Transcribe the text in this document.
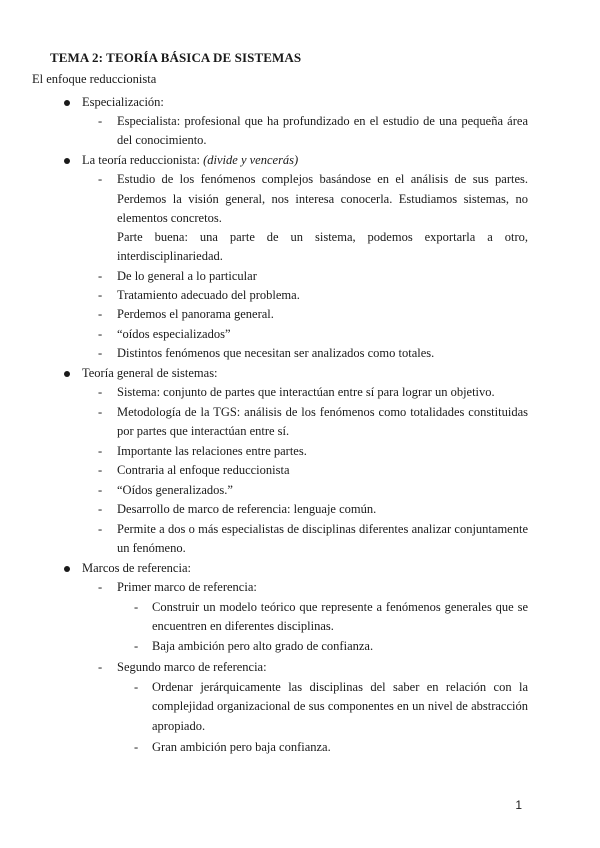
TEMA 2: TEORÍA BÁSICA DE SISTEMAS
El enfoque reduccionista
Especialización:
- Especialista: profesional que ha profundizado en el estudio de una pequeña área
del conocimiento.
La teoría reduccionista: (divide y vencerás)
- Estudio de los fenómenos complejos basándose en el análisis de sus partes.
Perdemos la visión general, nos interesa conocerla. Estudiamos sistemas, no
elementos concretos.
Parte buena: una parte de un sistema, podemos exportarla a otro,
interdisciplinariedad.
- De lo general a lo particular
- Tratamiento adecuado del problema.
- Perdemos el panorama general.
- “oídos especializados”
- Distintos fenómenos que necesitan ser analizados como totales.
Teoría general de sistemas:
- Sistema: conjunto de partes que interactúan entre sí para lograr un objetivo.
- Metodología de la TGS: análisis de los fenómenos como totalidades constituidas
por partes que interactúan entre sí.
- Importante las relaciones entre partes.
- Contraria al enfoque reduccionista
- “Oídos generalizados.”
- Desarrollo de marco de referencia: lenguaje común.
- Permite a dos o más especialistas de disciplinas diferentes analizar conjuntamente
un fenómeno.
Marcos de referencia:
- Primer marco de referencia:
- Construir un modelo teórico que represente a fenómenos generales que se
encuentren en diferentes disciplinas.
- Baja ambición pero alto grado de confianza.
- Segundo marco de referencia:
- Ordenar jerárquicamente las disciplinas del saber en relación con la
complejidad organizacional de sus componentes en un nivel de abstracción
apropiado.
- Gran ambición pero baja confianza.
1
